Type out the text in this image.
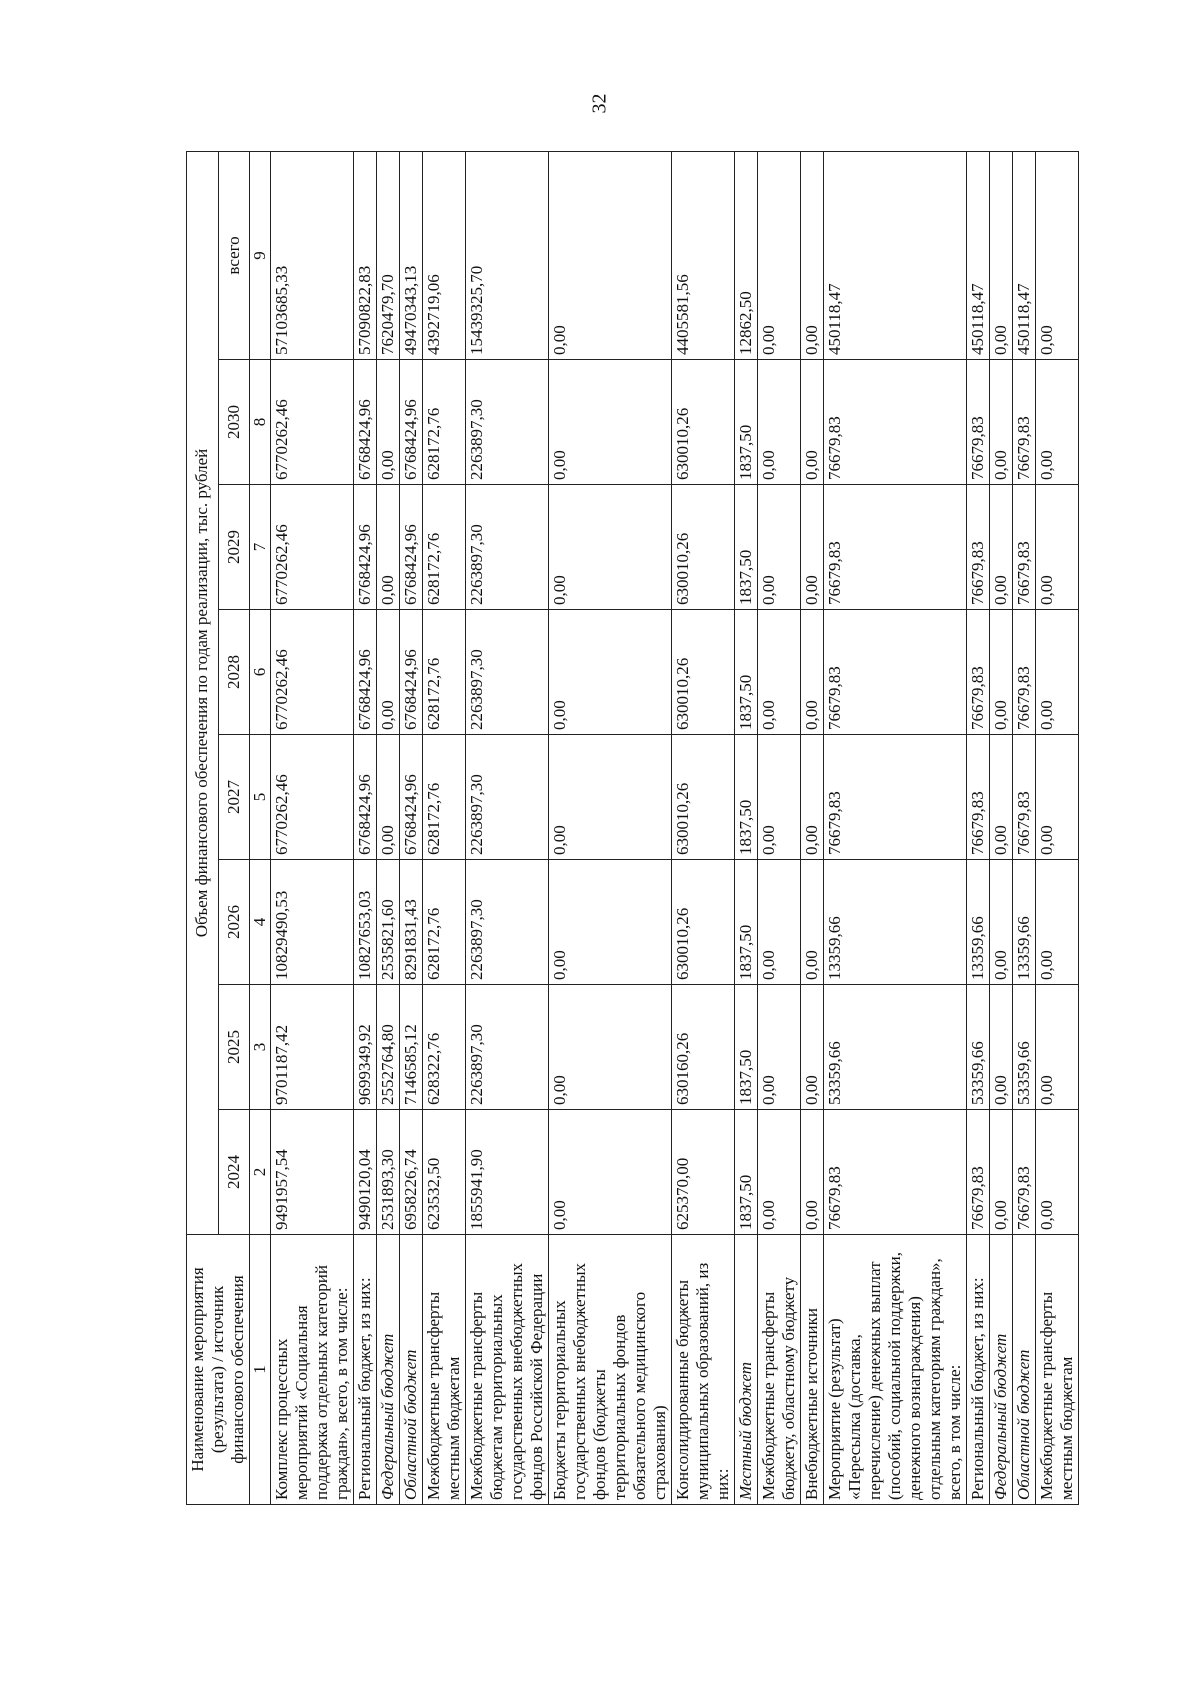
32
Наименование мероприятия (результата) / источник финансового обеспечения	Объем финансового обеспечения по годам реализации, тыс. рублей							
	2024	2025	2026	2027	2028	2029	2030	всего
1	2	3	4	5	6	7	8	9
Комплекс процессных мероприятий «Социальная поддержка отдельных категорий граждан», всего, в том числе:	9491957,54	9701187,42	10829490,53	6770262,46	6770262,46	6770262,46	6770262,46	57103685,33
Региональный бюджет, из них:	9490120,04	9699349,92	10827653,03	6768424,96	6768424,96	6768424,96	6768424,96	57090822,83
Федеральный бюджет	2531893,30	2552764,80	2535821,60	0,00	0,00	0,00	0,00	7620479,70
Областной бюджет	6958226,74	7146585,12	8291831,43	6768424,96	6768424,96	6768424,96	6768424,96	49470343,13
Межбюджетные трансферты местным бюджетам	623532,50	628322,76	628172,76	628172,76	628172,76	628172,76	628172,76	4392719,06
Межбюджетные трансферты бюджетам территориальных государственных внебюджетных фондов Российской Федерации	1855941,90	2263897,30	2263897,30	2263897,30	2263897,30	2263897,30	2263897,30	15439325,70
Бюджеты территориальных государственных внебюджетных фондов (бюджеты территориальных фондов обязательного медицинского страхования)	0,00	0,00	0,00	0,00	0,00	0,00	0,00	0,00
Консолидированные бюджеты муниципальных образований, из них:	625370,00	630160,26	630010,26	630010,26	630010,26	630010,26	630010,26	4405581,56
Местный бюджет	1837,50	1837,50	1837,50	1837,50	1837,50	1837,50	1837,50	12862,50
Межбюджетные трансферты бюджету, областному бюджету	0,00	0,00	0,00	0,00	0,00	0,00	0,00	0,00
Внебюджетные источники	0,00	0,00	0,00	0,00	0,00	0,00	0,00	0,00
Мероприятие (результат) «Пересылка (доставка, перечисление) денежных выплат (пособий, социальной поддержки, денежного вознаграждения) отдельным категориям граждан», всего, в том числе:	76679,83	53359,66	13359,66	76679,83	76679,83	76679,83	76679,83	450118,47
Региональный бюджет, из них:	76679,83	53359,66	13359,66	76679,83	76679,83	76679,83	76679,83	450118,47
Федеральный бюджет	0,00	0,00	0,00	0,00	0,00	0,00	0,00	0,00
Областной бюджет	76679,83	53359,66	13359,66	76679,83	76679,83	76679,83	76679,83	450118,47
Межбюджетные трансферты местным бюджетам	0,00	0,00	0,00	0,00	0,00	0,00	0,00	0,00
